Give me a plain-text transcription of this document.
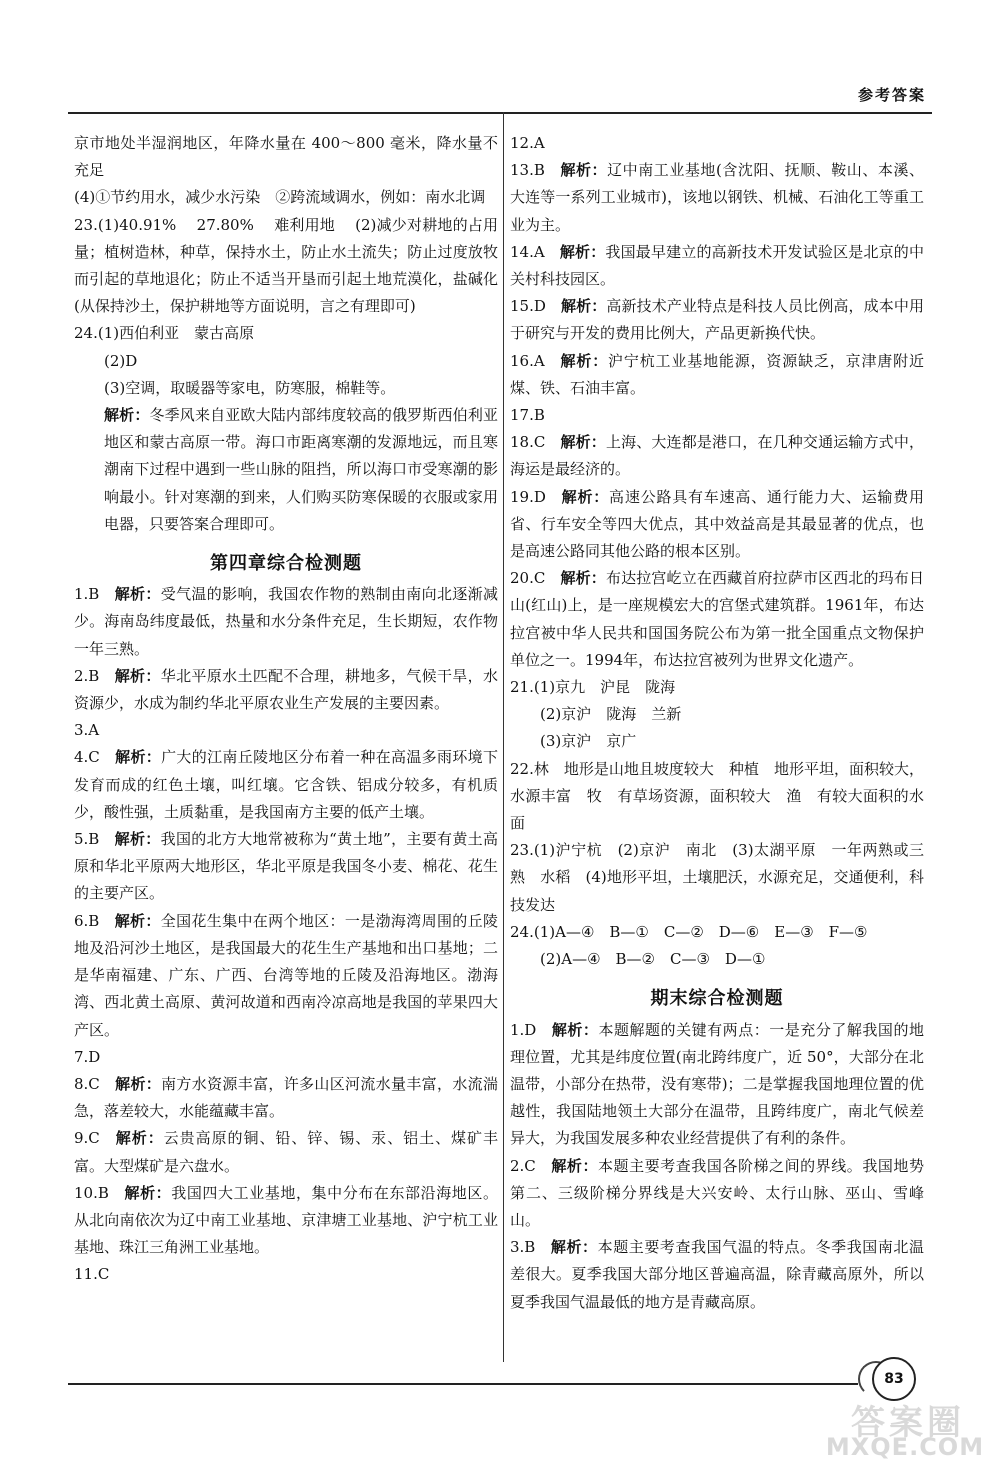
参考答案

京市地处半湿润地区，年降水量在 400～800 毫米，降水量不充足

(4)①节约用水，减少水污染　②跨流域调水，例如：南水北调

23.(1)40.91%　 27.80%　 难利用地　 (2)减少对耕地的占用量；植树造林，种草，保持水土，防止水土流失；防止过度放牧而引起的草地退化；防止不适当开垦而引起土地荒漠化，盐碱化(从保持沙土，保护耕地等方面说明，言之有理即可)

24.(1)西伯利亚　蒙古高原

(2)D

(3)空调，取暖器等家电，防寒服，棉鞋等。

解析：冬季风来自亚欧大陆内部纬度较高的俄罗斯西伯利亚地区和蒙古高原一带。海口市距离寒潮的发源地远，而且寒潮南下过程中遇到一些山脉的阻挡，所以海口市受寒潮的影响最小。针对寒潮的到来，人们购买防寒保暖的衣服或家用电器，只要答案合理即可。

第四章综合检测题

1.B  解析：受气温的影响，我国农作物的熟制由南向北逐渐减少。海南岛纬度最低，热量和水分条件充足，生长期短，农作物一年三熟。

2.B  解析：华北平原水土匹配不合理，耕地多，气候干旱，水资源少，水成为制约华北平原农业生产发展的主要因素。

3.A

4.C  解析：广大的江南丘陵地区分布着一种在高温多雨环境下发育而成的红色土壤，叫红壤。它含铁、铝成分较多，有机质少，酸性强，土质黏重，是我国南方主要的低产土壤。

5.B  解析：我国的北方大地常被称为“黄土地”，主要有黄土高原和华北平原两大地形区，华北平原是我国冬小麦、棉花、花生的主要产区。

6.B  解析：全国花生集中在两个地区：一是渤海湾周围的丘陵地及沿河沙土地区，是我国最大的花生生产基地和出口基地；二是华南福建、广东、广西、台湾等地的丘陵及沿海地区。渤海湾、西北黄土高原、黄河故道和西南冷凉高地是我国的苹果四大产区。

7.D

8.C  解析：南方水资源丰富，许多山区河流水量丰富，水流湍急，落差较大，水能蕴藏丰富。

9.C  解析：云贵高原的铜、铅、锌、锡、汞、铝土、煤矿丰富。大型煤矿是六盘水。

10.B  解析：我国四大工业基地，集中分布在东部沿海地区。从北向南依次为辽中南工业基地、京津塘工业基地、沪宁杭工业基地、珠江三角洲工业基地。

11.C

12.A

13.B  解析：辽中南工业基地(含沈阳、抚顺、鞍山、本溪、大连等一系列工业城市)，该地以钢铁、机械、石油化工等重工业为主。

14.A  解析：我国最早建立的高新技术开发试验区是北京的中关村科技园区。

15.D  解析：高新技术产业特点是科技人员比例高，成本中用于研究与开发的费用比例大，产品更新换代快。

16.A  解析：沪宁杭工业基地能源，资源缺乏，京津唐附近煤、铁、石油丰富。

17.B

18.C  解析：上海、大连都是港口，在几种交通运输方式中，海运是最经济的。

19.D  解析：高速公路具有车速高、通行能力大、运输费用省、行车安全等四大优点，其中效益高是其最显著的优点，也是高速公路同其他公路的根本区别。

20.C  解析：布达拉宫屹立在西藏首府拉萨市区西北的玛布日山(红山)上，是一座规模宏大的宫堡式建筑群。1961年，布达拉宫被中华人民共和国国务院公布为第一批全国重点文物保护单位之一。1994年，布达拉宫被列为世界文化遗产。

21.(1)京九　沪昆　陇海

(2)京沪　陇海　兰新

(3)京沪　京广

22.林　地形是山地且坡度较大　种植　地形平坦，面积较大，水源丰富　牧　有草场资源，面积较大　渔　有较大面积的水面

23.(1)沪宁杭　(2)京沪　南北　(3)太湖平原　一年两熟或三熟　水稻　(4)地形平坦，土壤肥沃，水源充足，交通便利，科技发达

24.(1)A—④　B—①　C—②　D—⑥　E—③　F—⑤

(2)A—④　B—②　C—③　D—①

期末综合检测题

1.D  解析：本题解题的关键有两点：一是充分了解我国的地理位置，尤其是纬度位置(南北跨纬度广，近 50°，大部分在北温带，小部分在热带，没有寒带)；二是掌握我国地理位置的优越性，我国陆地领土大部分在温带，且跨纬度广，南北气候差异大，为我国发展多种农业经营提供了有利的条件。

2.C  解析：本题主要考查我国各阶梯之间的界线。我国地势第二、三级阶梯分界线是大兴安岭、太行山脉、巫山、雪峰山。

3.B  解析：本题主要考查我国气温的特点。冬季我国南北温差很大。夏季我国大部分地区普遍高温，除青藏高原外，所以夏季我国气温最低的地方是青藏高原。

83
答案圈
MXQE.COM
